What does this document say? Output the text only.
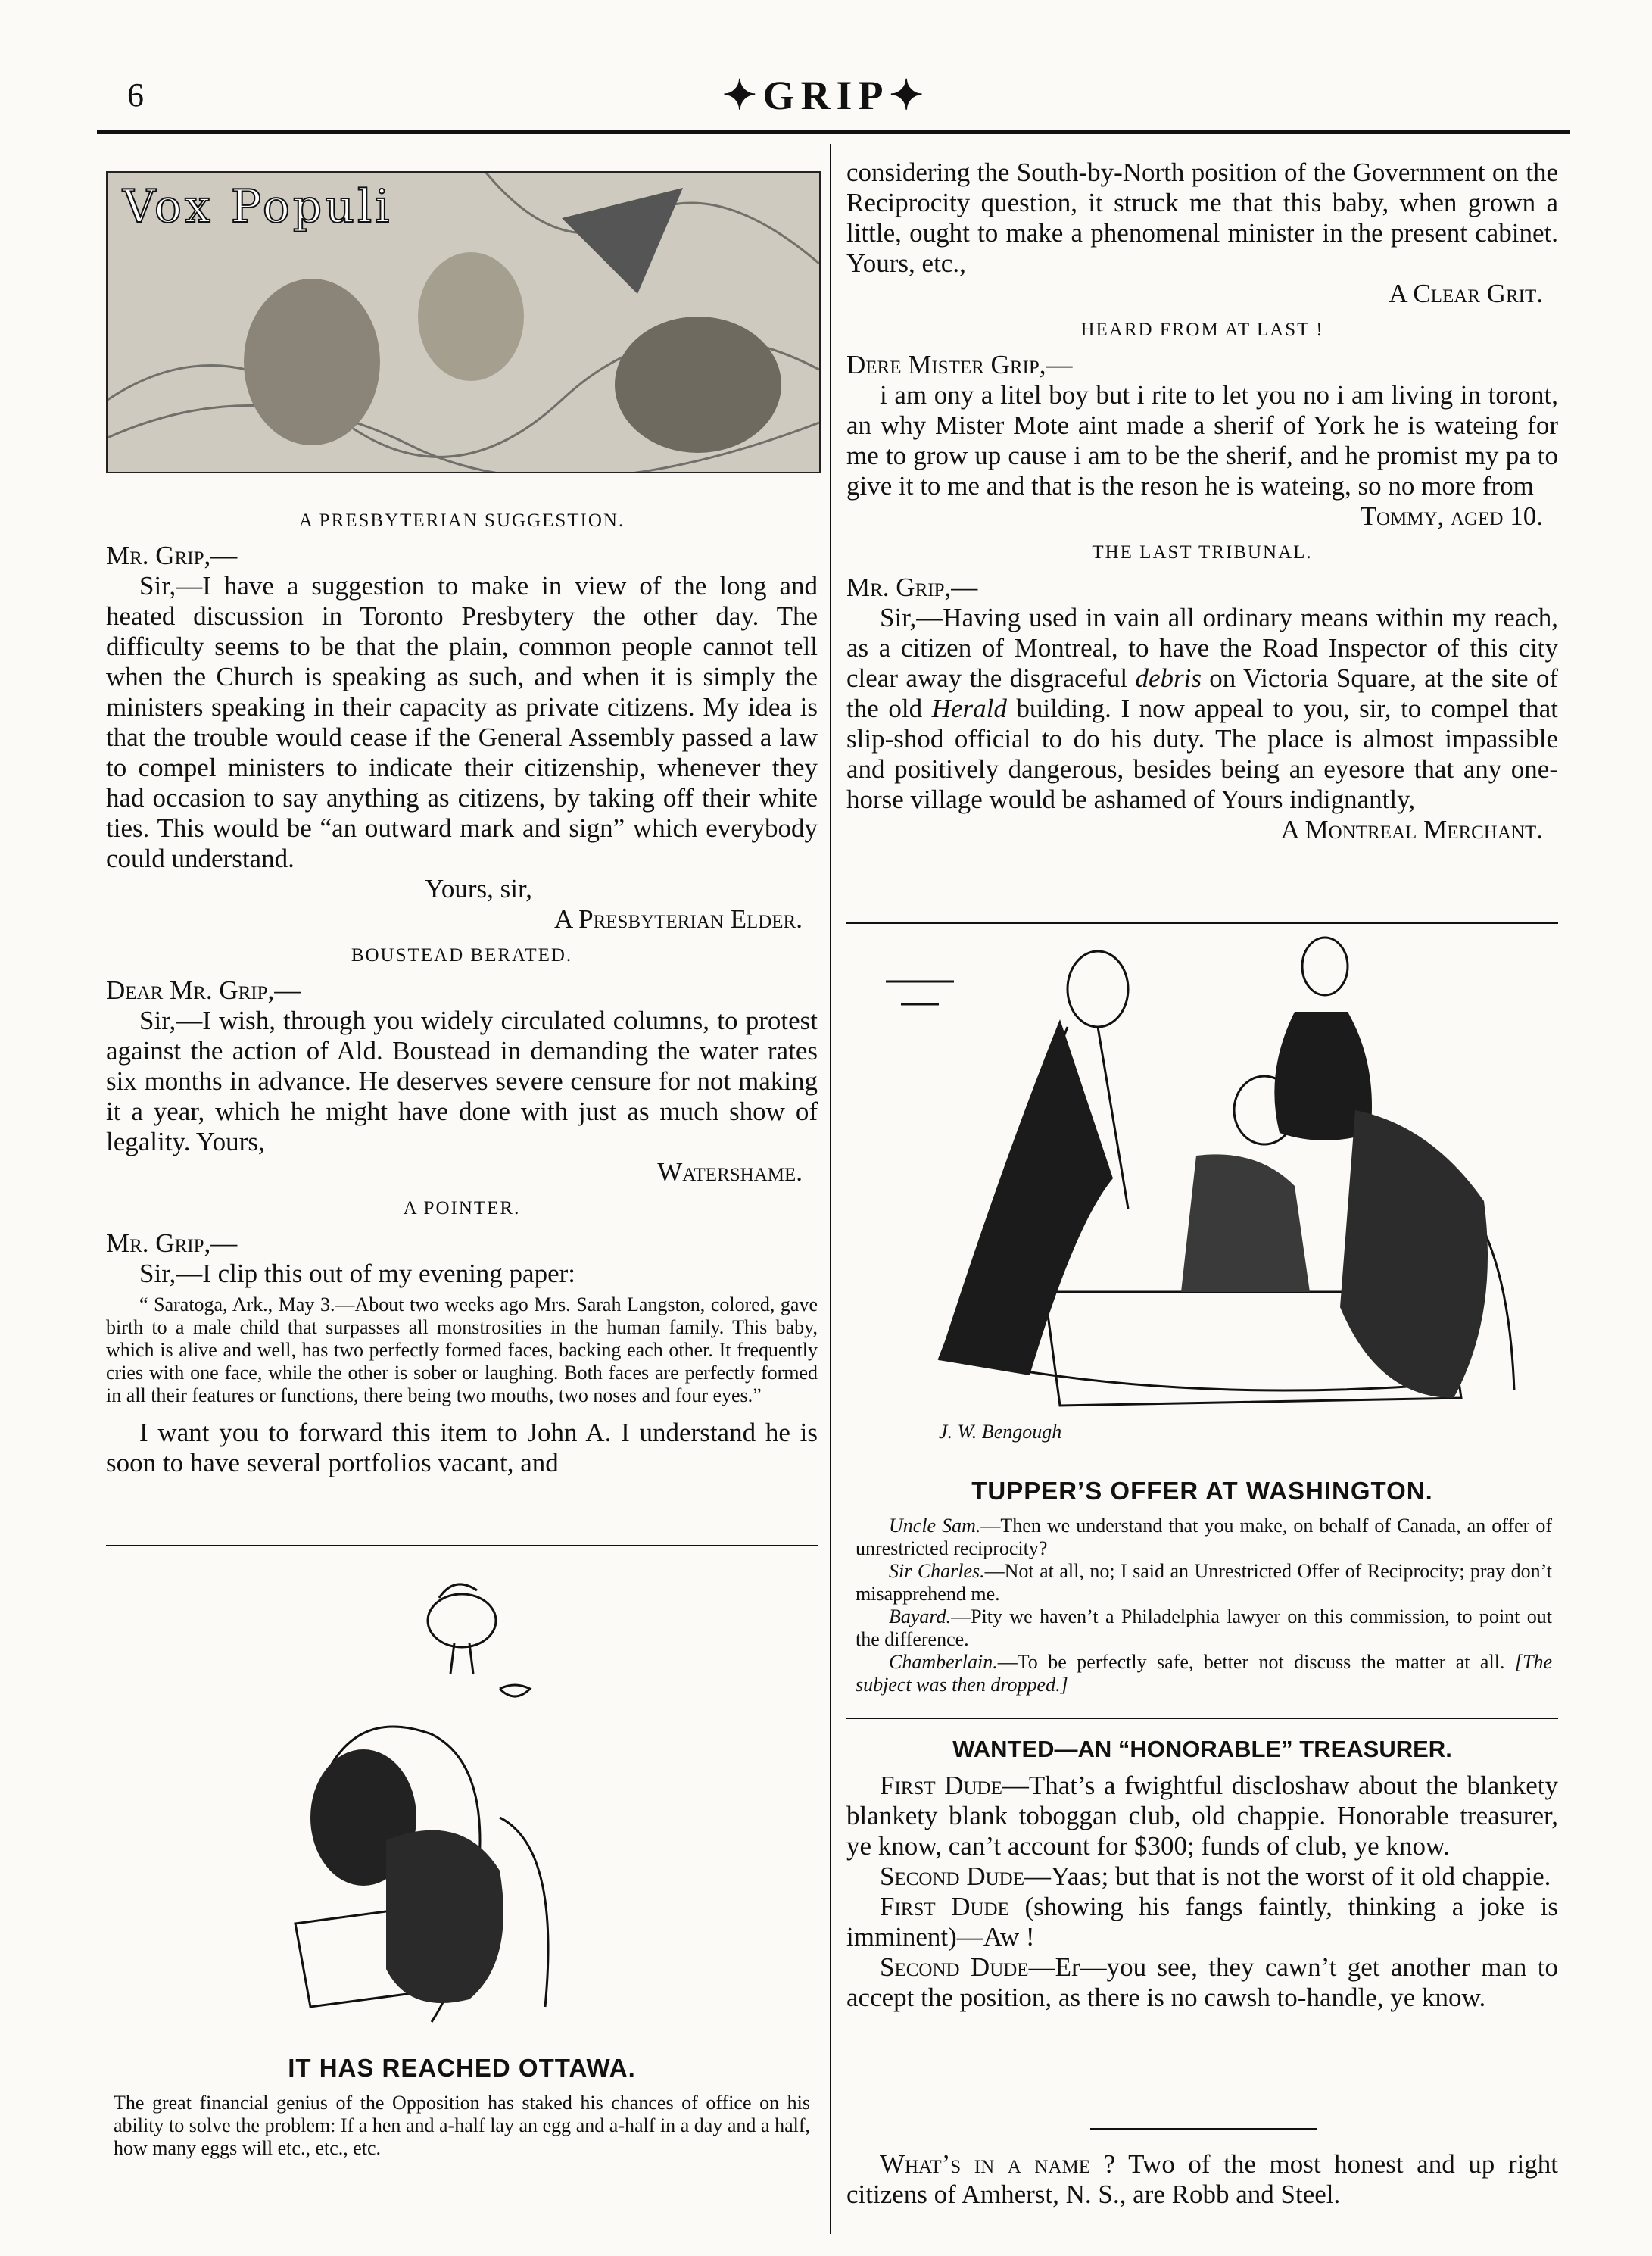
6	✦GRIP✦
Vox Populi
A PRESBYTERIAN SUGGESTION.

Mr. Grip,—

Sir,—I have a suggestion to make in view of the long and heated discussion in Toronto Presbytery the other day. The difficulty seems to be that the plain, common people cannot tell when the Church is speaking as such, and when it is simply the ministers speaking in their capacity as private citizens. My idea is that the trouble would cease if the General Assembly passed a law to compel ministers to indicate their citizenship, whenever they had occasion to say anything as citizens, by taking off their white ties. This would be “an outward mark and sign” which everybody could understand.

Yours, sir,

A Presbyterian Elder.

BOUSTEAD BERATED.

Dear Mr. Grip,—

Sir,—I wish, through you widely circulated columns, to protest against the action of Ald. Boustead in demanding the water rates six months in advance. He deserves severe censure for not making it a year, which he might have done with just as much show of legality. Yours,

Watershame.

A POINTER.

Mr. Grip,—

Sir,—I clip this out of my evening paper:

“ Saratoga, Ark., May 3.—About two weeks ago Mrs. Sarah Langston, colored, gave birth to a male child that surpasses all monstrosities in the human family. This baby, which is alive and well, has two perfectly formed faces, backing each other. It frequently cries with one face, while the other is sober or laughing. Both faces are perfectly formed in all their features or functions, there being two mouths, two noses and four eyes.”

I want you to forward this item to John A. I understand he is soon to have several portfolios vacant, and

IT HAS REACHED OTTAWA.
The great financial genius of the Opposition has staked his chances of office on his ability to solve the problem: If a hen and a-half lay an egg and a-half in a day and a half, how many eggs will etc., etc., etc.

considering the South-by-North position of the Government on the Reciprocity question, it struck me that this baby, when grown a little, ought to make a phenomenal minister in the present cabinet. Yours, etc.,

A Clear Grit.

HEARD FROM AT LAST !

Dere Mister Grip,—

i am ony a litel boy but i rite to let you no i am living in toront, an why Mister Mote aint made a sherif of York he is wateing for me to grow up cause i am to be the sherif, and he promist my pa to give it to me and that is the reson he is wateing, so no more from

Tommy, aged 10.

THE LAST TRIBUNAL.

Mr. Grip,—

Sir,—Having used in vain all ordinary means within my reach, as a citizen of Montreal, to have the Road Inspector of this city clear away the disgraceful debris on Victoria Square, at the site of the old Herald building. I now appeal to you, sir, to compel that slip-shod official to do his duty. The place is almost impassible and positively dangerous, besides being an eyesore that any one-horse village would be ashamed of Yours indignantly,

A Montreal Merchant.

J. W. Bengough
TUPPER’S OFFER AT WASHINGTON.

Uncle Sam.—Then we understand that you make, on behalf of Canada, an offer of unrestricted reciprocity?

Sir Charles.—Not at all, no; I said an Unrestricted Offer of Reciprocity; pray don’t misapprehend me.

Bayard.—Pity we haven’t a Philadelphia lawyer on this commission, to point out the difference.

Chamberlain.—To be perfectly safe, better not discuss the matter at all. [The subject was then dropped.]

WANTED—AN “HONORABLE” TREASURER.

First Dude—That’s a fwightful discloshaw about the blankety blankety blank toboggan club, old chappie. Honorable treasurer, ye know, can’t account for $300; funds of club, ye know.

Second Dude—Yaas; but that is not the worst of it old chappie.

First Dude (showing his fangs faintly, thinking a joke is imminent)—Aw !

Second Dude—Er—you see, they cawn’t get another man to accept the position, as there is no cawsh to-handle, ye know.

What’s in a name ? Two of the most honest and up right citizens of Amherst, N. S., are Robb and Steel.
